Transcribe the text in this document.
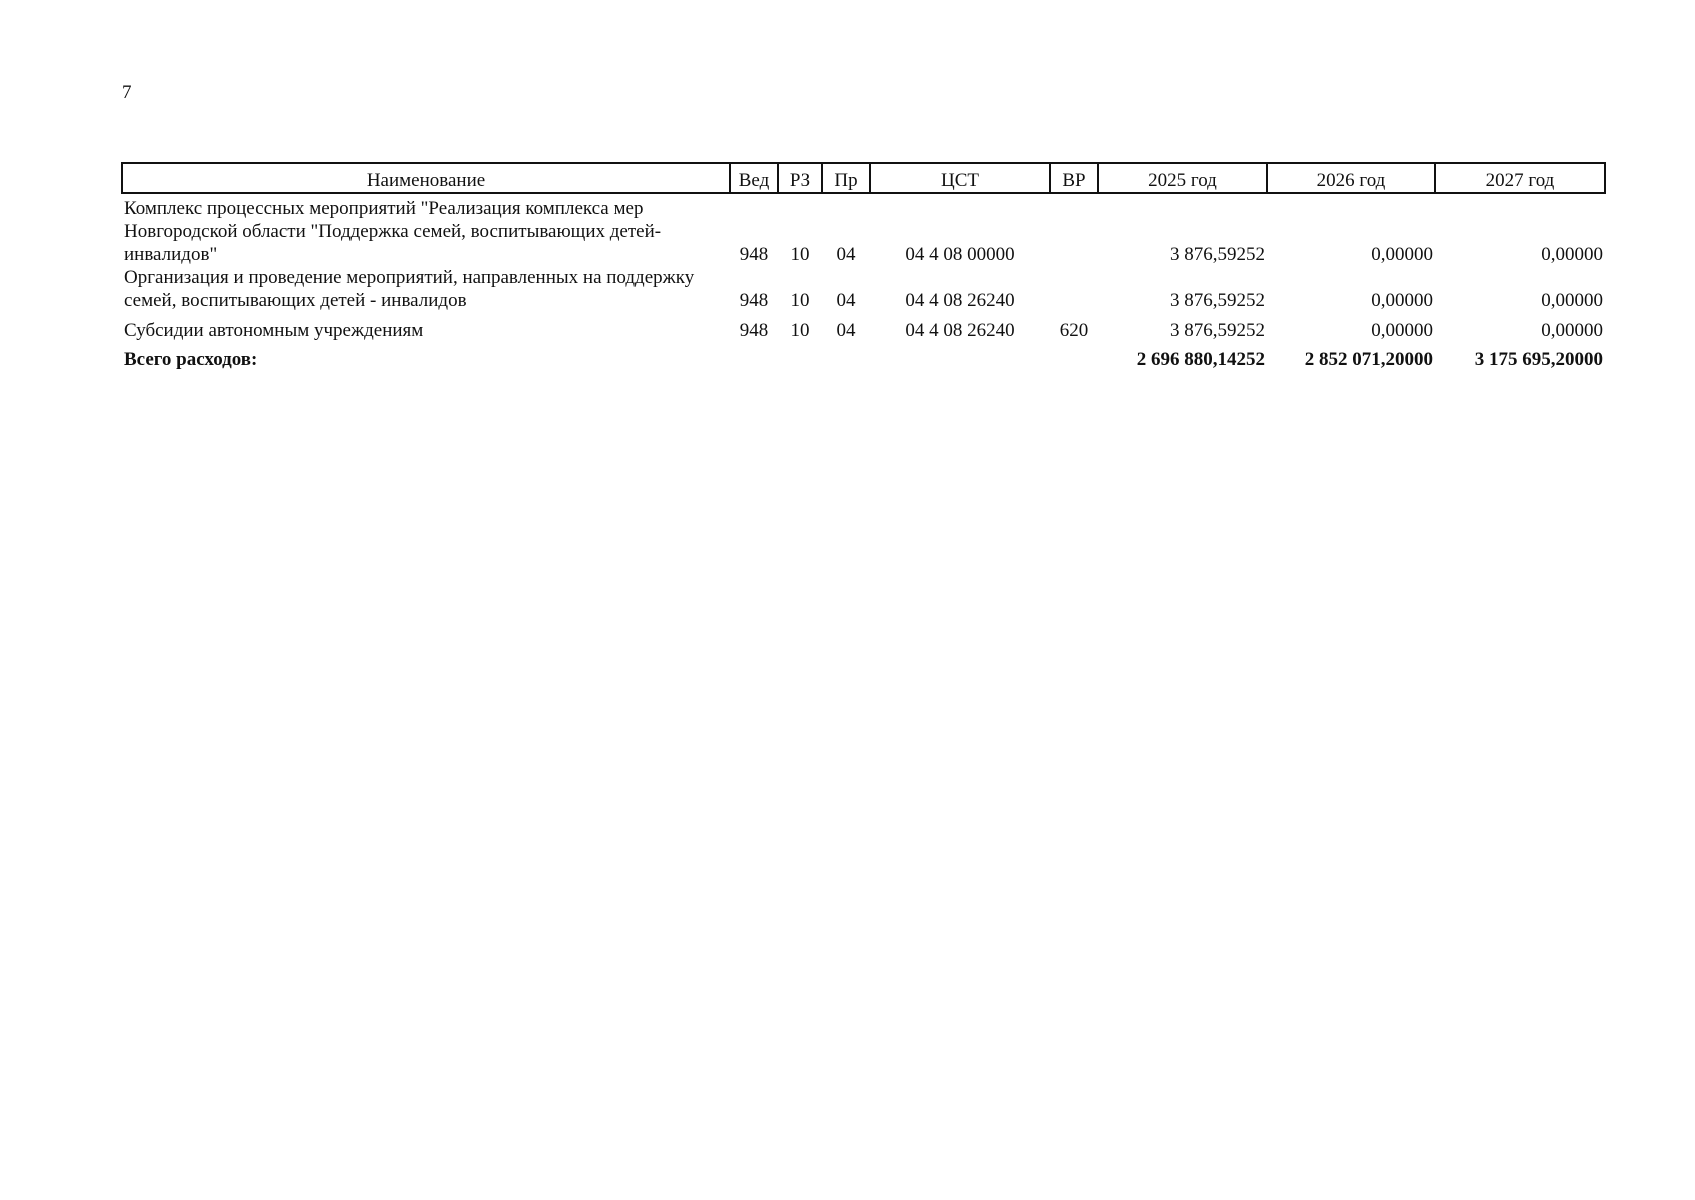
7
Наименование	Вед	РЗ	Пр	ЦСТ	ВР	2025 год	2026 год	2027 год
Комплекс процессных мероприятий "Реализация комплекса мер Новгородской области "Поддержка семей, воспитывающих детей-инвалидов"	948	10	04	04 4 08 00000		3 876,59252	0,00000	0,00000
Организация и проведение мероприятий, направленных на поддержку семей, воспитывающих детей - инвалидов	948	10	04	04 4 08 26240		3 876,59252	0,00000	0,00000
Субсидии автономным учреждениям	948	10	04	04 4 08 26240	620	3 876,59252	0,00000	0,00000
Всего расходов:						2 696 880,14252	2 852 071,20000	3 175 695,20000
